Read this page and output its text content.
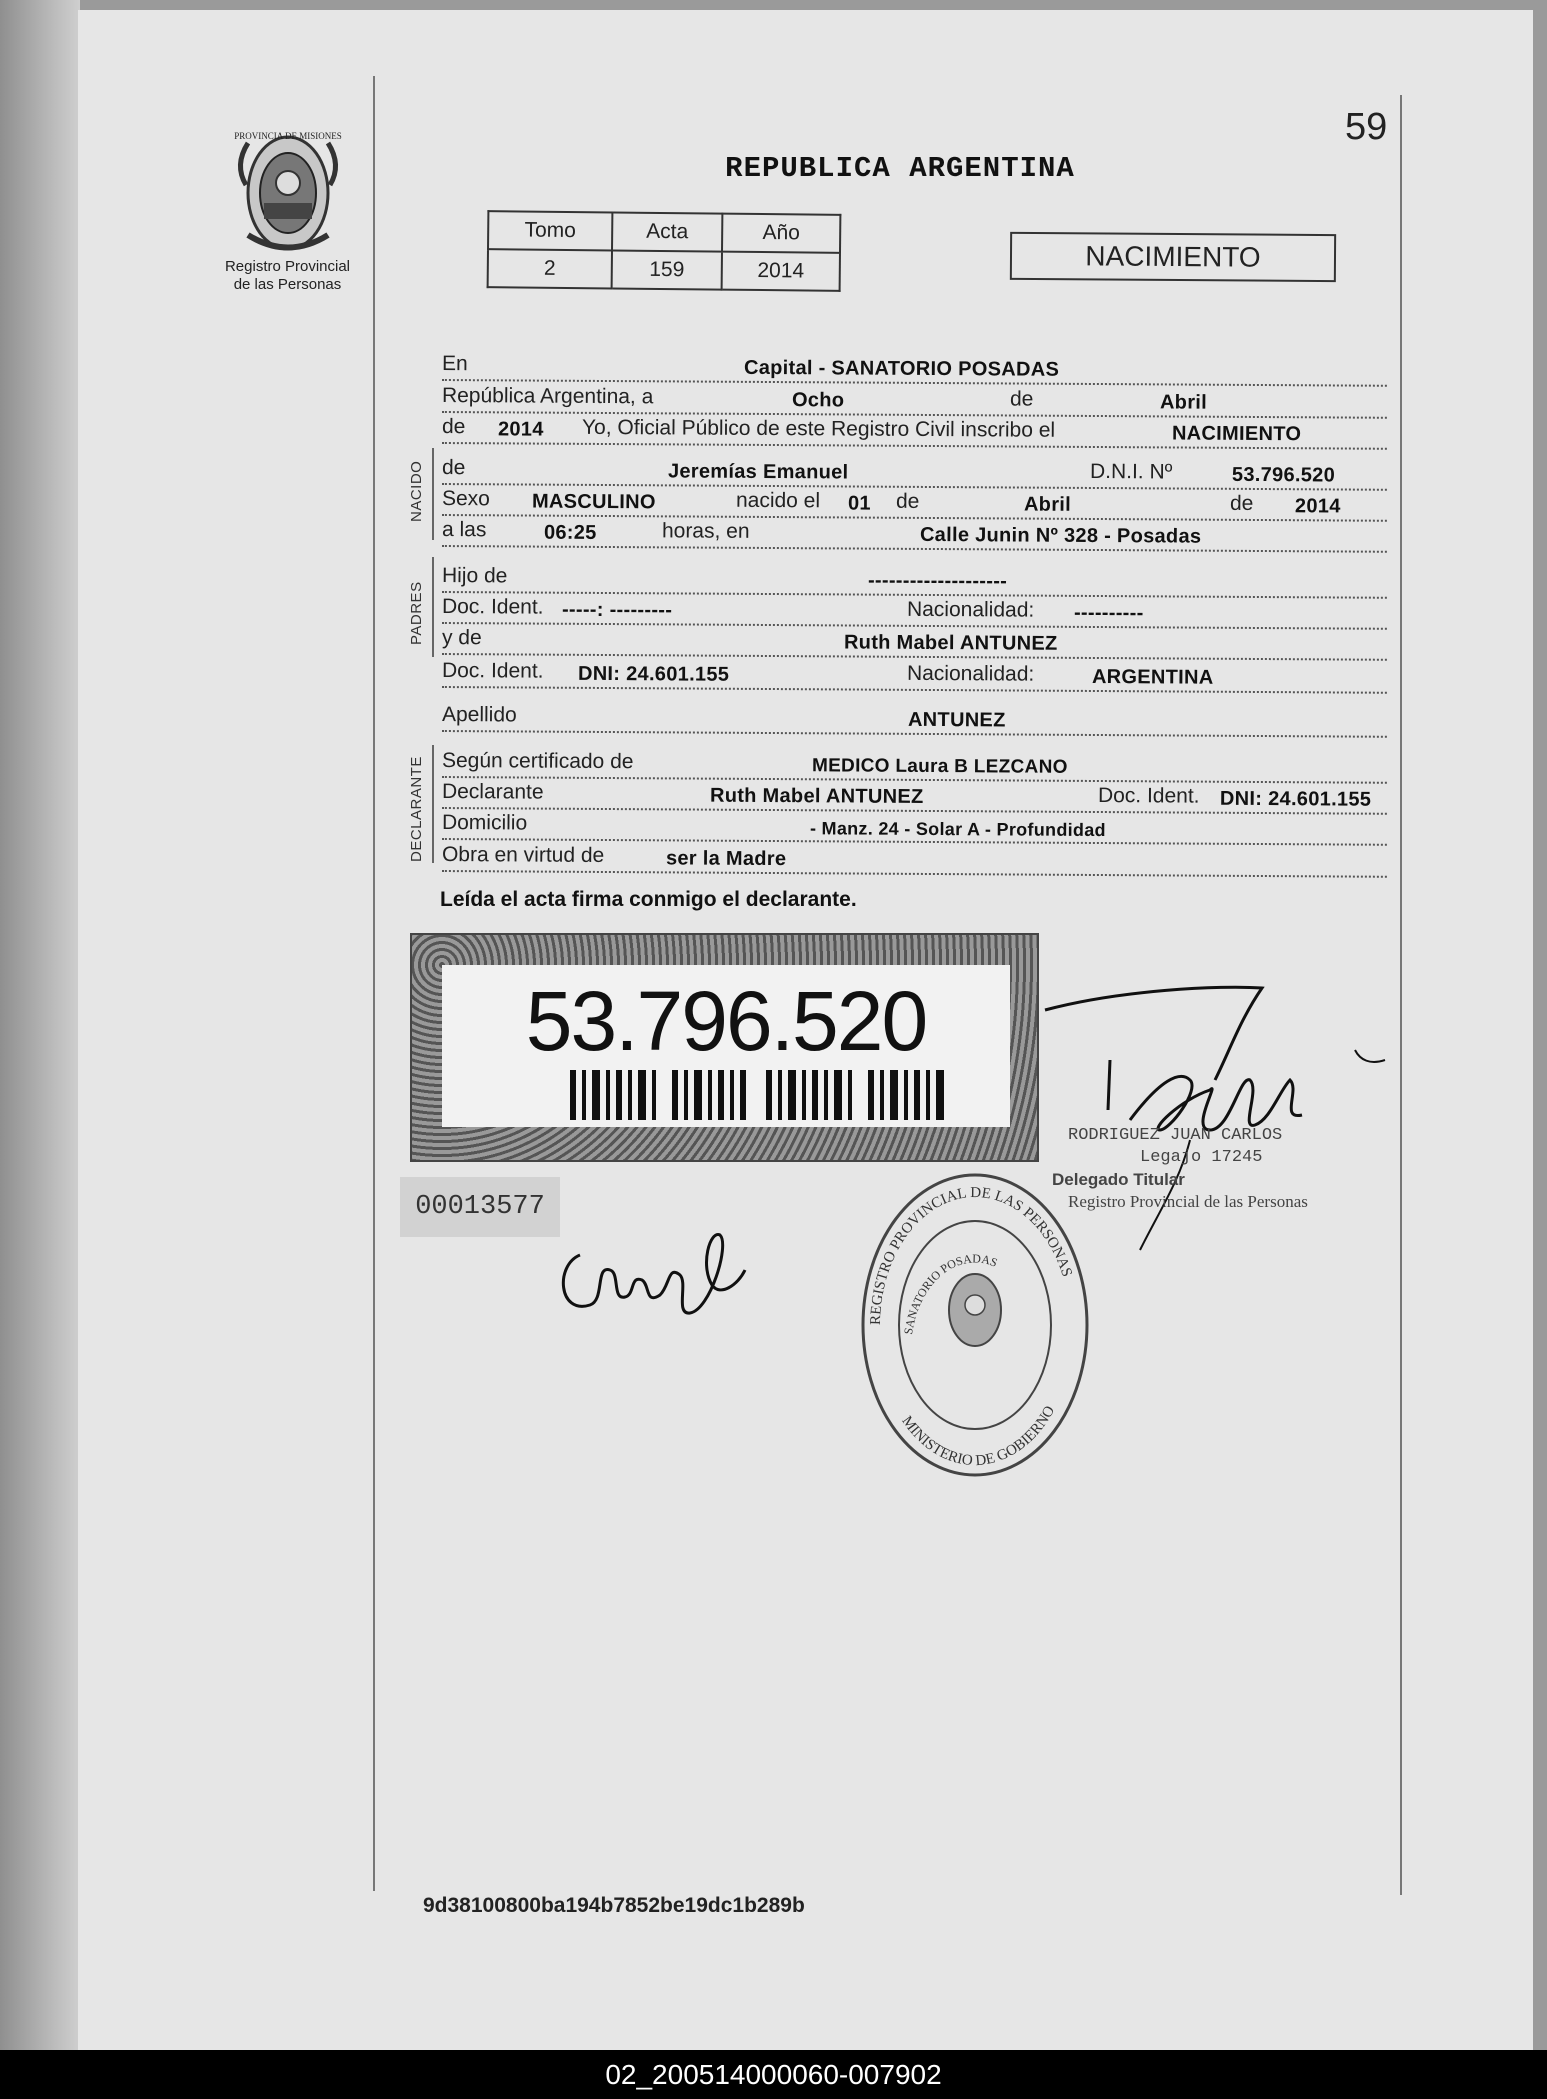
PROVINCIA DE MISIONES
Registro Provincial
de las Personas
59
REPUBLICA ARGENTINA
Tomo	Acta	Año
2	159	2014	NACIMIENTO
NACIDO
PADRES
DECLARANTE
En	Capital - SANATORIO POSADAS
República Argentina, a	Ocho	de	Abril
de 2014 Yo, Oficial Público de este Registro Civil inscribo el	NACIMIENTO
de	Jeremías Emanuel	D.N.I. Nº	53.796.520
Sexo MASCULINO	nacido el 01 de	Abril	de 2014
a las	06:25	horas, en	Calle Junin Nº 328 - Posadas
Hijo de	--------------------
Doc. Ident. -----: ---------	Nacionalidad: ----------
y de	Ruth Mabel ANTUNEZ
Doc. Ident. DNI: 24.601.155	Nacionalidad:	ARGENTINA
Apellido	ANTUNEZ
Según certificado de	MEDICO Laura B LEZCANO
Declarante	Ruth Mabel ANTUNEZ	Doc. Ident. DNI: 24.601.155
Domicilio	- Manz. 24 - Solar A - Profundidad
Obra en virtud de	ser la Madre
Leída el acta firma conmigo el declarante.
53.796.520
00013577
RODRIGUEZ JUAN CARLOS
Legajo 17245
Delegado Titular
Registro Provincial de las Personas
REGISTRO PROVINCIAL DE LAS PERSONAS
SANATORIO POSADAS
MINISTERIO DE GOBIERNO
9d38100800ba194b7852be19dc1b289b
02_200514000060-007902
